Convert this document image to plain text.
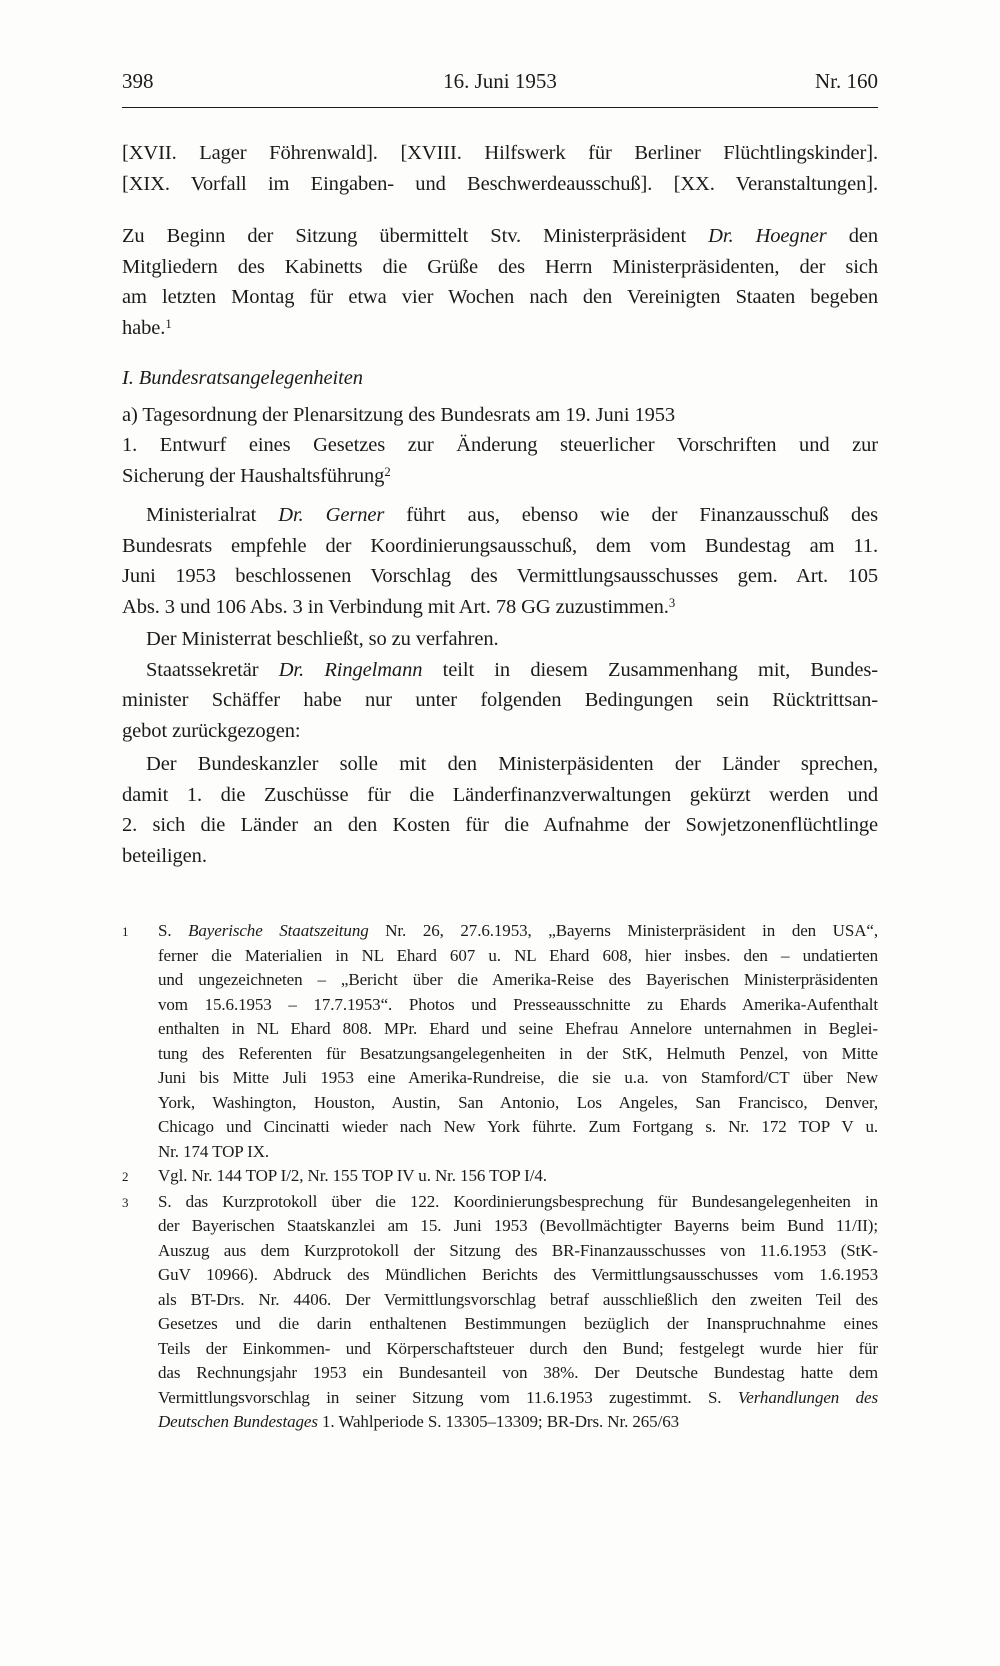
398	16. Juni 1953	Nr. 160
[XVII. Lager Föhrenwald]. [XVIII. Hilfswerk für Berliner Flüchtlingskinder].
[XIX. Vorfall im Eingaben- und Beschwerdeausschuß]. [XX. Veranstaltungen].
Zu Beginn der Sitzung übermittelt Stv. Ministerpräsident Dr. Hoegner den
Mitgliedern des Kabinetts die Grüße des Herrn Ministerpräsidenten, der sich
am letzten Montag für etwa vier Wochen nach den Vereinigten Staaten begeben
habe.$^1$
I. Bundesratsangelegenheiten
a) Tagesordnung der Plenarsitzung des Bundesrats am 19. Juni 1953
1. Entwurf eines Gesetzes zur Änderung steuerlicher Vorschriften und zur
Sicherung der Haushaltsführung$^2$
Ministerialrat Dr. Gerner führt aus, ebenso wie der Finanzausschuß des
Bundesrats empfehle der Koordinierungsausschuß, dem vom Bundestag am 11.
Juni 1953 beschlossenen Vorschlag des Vermittlungsausschusses gem. Art. 105
Abs. 3 und 106 Abs. 3 in Verbindung mit Art. 78 GG zuzustimmen.$^3$
Der Ministerrat beschließt, so zu verfahren.
Staatssekretär Dr. Ringelmann teilt in diesem Zusammenhang mit, Bundes-
minister Schäffer habe nur unter folgenden Bedingungen sein Rücktrittsan-
gebot zurückgezogen:
Der Bundeskanzler solle mit den Ministerpäsidenten der Länder sprechen,
damit 1. die Zuschüsse für die Länderfinanzverwaltungen gekürzt werden und
2. sich die Länder an den Kosten für die Aufnahme der Sowjetzonenflüchtlinge
beteiligen.
1	S. Bayerische Staatszeitung Nr. 26, 27.6.1953, „Bayerns Ministerpräsident in den USA“,
ferner die Materialien in NL Ehard 607 u. NL Ehard 608, hier insbes. den – undatierten
und ungezeichneten – „Bericht über die Amerika-Reise des Bayerischen Ministerpräsidenten
vom 15.6.1953 – 17.7.1953“. Photos und Presseausschnitte zu Ehards Amerika-Aufenthalt
enthalten in NL Ehard 808. MPr. Ehard und seine Ehefrau Annelore unternahmen in Beglei-
tung des Referenten für Besatzungsangelegenheiten in der StK, Helmuth Penzel, von Mitte
Juni bis Mitte Juli 1953 eine Amerika-Rundreise, die sie u.a. von Stamford/CT über New
York, Washington, Houston, Austin, San Antonio, Los Angeles, San Francisco, Denver,
Chicago und Cincinatti wieder nach New York führte. Zum Fortgang s. Nr. 172 TOP V u.
Nr. 174 TOP IX.
2	Vgl. Nr. 144 TOP I/2, Nr. 155 TOP IV u. Nr. 156 TOP I/4.
3	S. das Kurzprotokoll über die 122. Koordinierungsbesprechung für Bundesangelegenheiten in
der Bayerischen Staatskanzlei am 15. Juni 1953 (Bevollmächtigter Bayerns beim Bund 11/II);
Auszug aus dem Kurzprotokoll der Sitzung des BR-Finanzausschusses von 11.6.1953 (StK-
GuV 10966). Abdruck des Mündlichen Berichts des Vermittlungsausschusses vom 1.6.1953
als BT-Drs. Nr. 4406. Der Vermittlungsvorschlag betraf ausschließlich den zweiten Teil des
Gesetzes und die darin enthaltenen Bestimmungen bezüglich der Inanspruchnahme eines
Teils der Einkommen- und Körperschaftsteuer durch den Bund; festgelegt wurde hier für
das Rechnungsjahr 1953 ein Bundesanteil von 38%. Der Deutsche Bundestag hatte dem
Vermittlungsvorschlag in seiner Sitzung vom 11.6.1953 zugestimmt. S. Verhandlungen des
Deutschen Bundestages 1. Wahlperiode S. 13305–13309; BR-Drs. Nr. 265/63
